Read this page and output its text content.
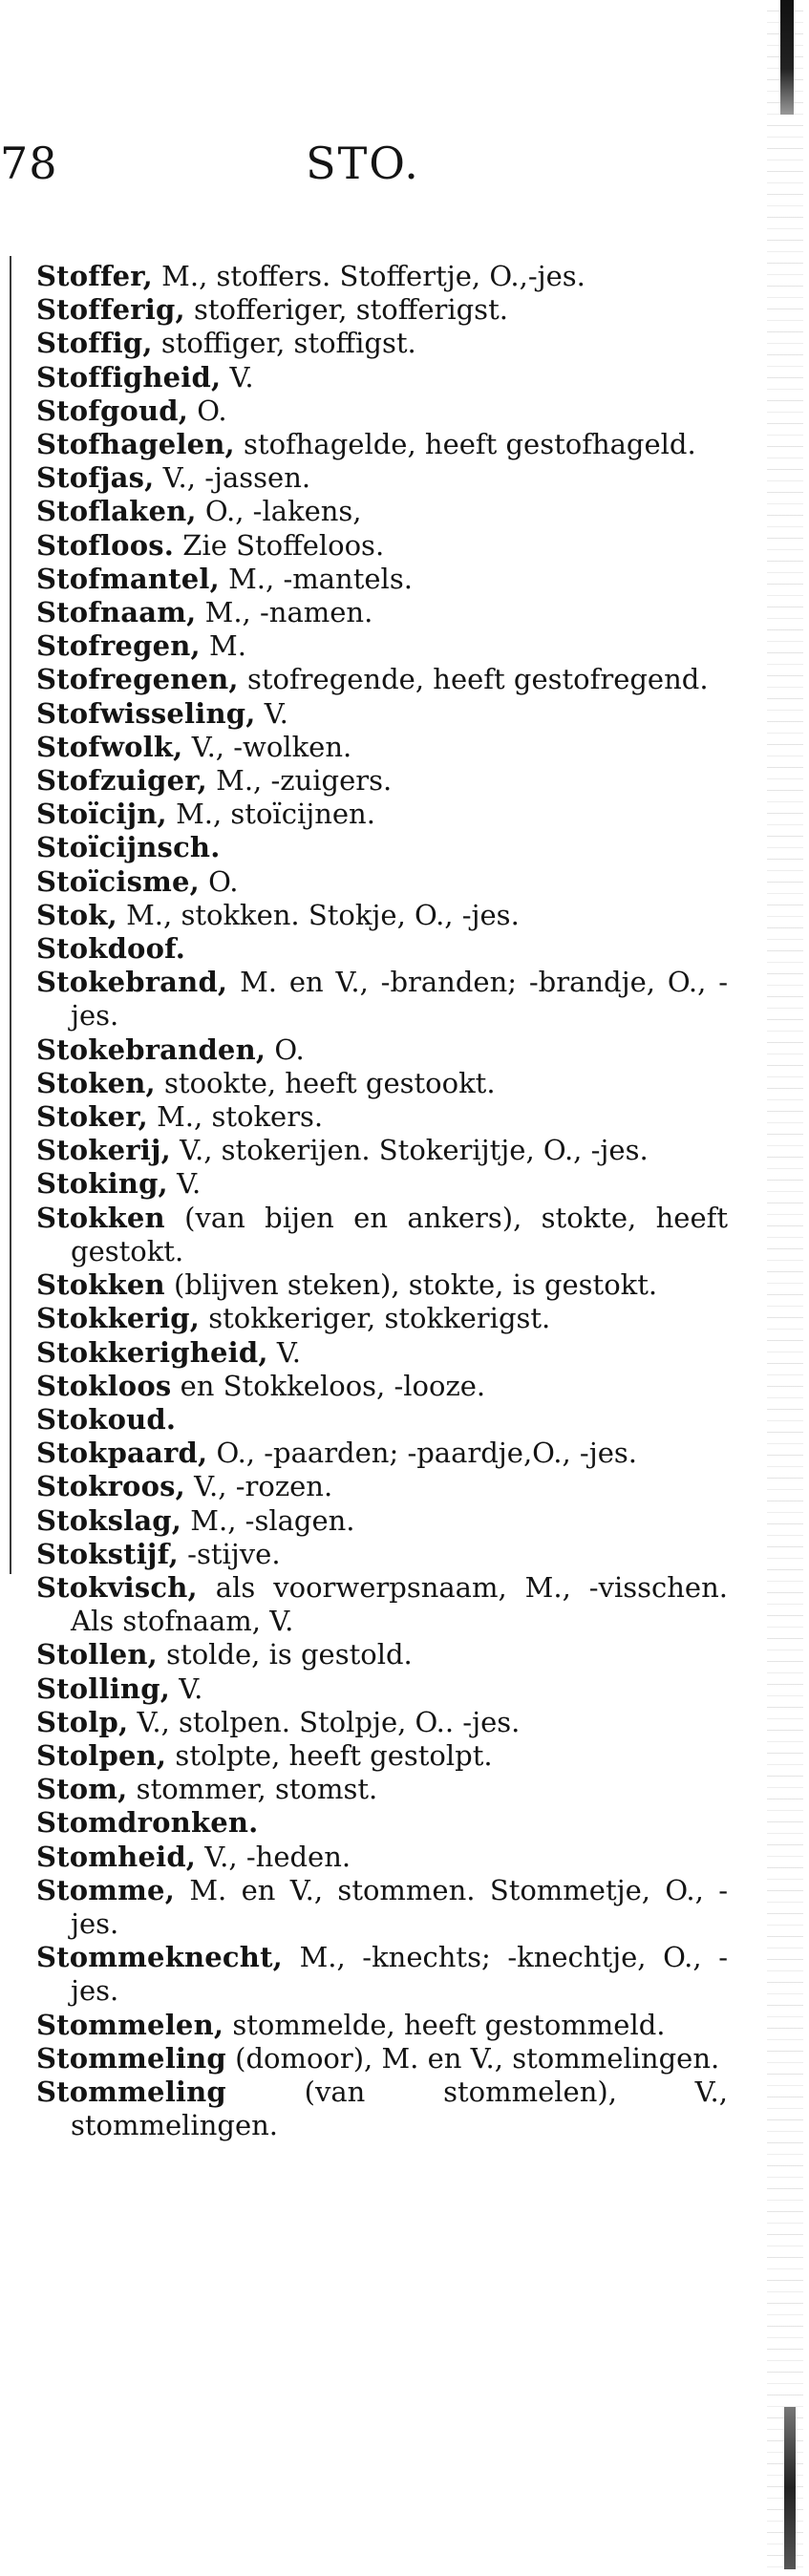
78	STO.

Stoffer, M., stoffers. Stoffertje, O.,-jes.

Stofferig, stofferiger, stofferigst.

Stoffig, stoffiger, stoffigst.

Stoffigheid, V.

Stofgoud, O.

Stofhagelen, stofhagelde, heeft gestofhageld.

Stofjas, V., -jassen.

Stoflaken, O., -lakens,

Stofloos. Zie Stoffeloos.

Stofmantel, M., -mantels.

Stofnaam, M., -namen.

Stofregen, M.

Stofregenen, stofregende, heeft gestofregend.

Stofwisseling, V.

Stofwolk, V., -wolken.

Stofzuiger, M., -zuigers.

Stoïcijn, M., stoïcijnen.

Stoïcijnsch.

Stoïcisme, O.

Stok, M., stokken. Stokje, O., -jes.

Stokdoof.

Stokebrand, M. en V., -branden; -brandje, O., -jes.

Stokebranden, O.

Stoken, stookte, heeft gestookt.

Stoker, M., stokers.

Stokerij, V., stokerijen. Stokerijtje, O., -jes.

Stoking, V.

Stokken (van bijen en ankers), stokte, heeft gestokt.

Stokken (blijven steken), stokte, is gestokt.

Stokkerig, stokkeriger, stokkerigst.

Stokkerigheid, V.

Stokloos en Stokkeloos, -looze.

Stokoud.

Stokpaard, O., -paarden; -paardje,O., -jes.

Stokroos, V., -rozen.

Stokslag, M., -slagen.

Stokstijf, -stijve.

Stokvisch, als voorwerpsnaam, M., -visschen. Als stofnaam, V.

Stollen, stolde, is gestold.

Stolling, V.

Stolp, V., stolpen. Stolpje, O.. -jes.

Stolpen, stolpte, heeft gestolpt.

Stom, stommer, stomst.

Stomdronken.

Stomheid, V., -heden.

Stomme, M. en V., stommen. Stommetje, O., -jes.

Stommeknecht, M., -knechts; -knechtje, O., -jes.

Stommelen, stommelde, heeft gestommeld.

Stommeling (domoor), M. en V., stommelingen.

Stommeling (van stommelen), V., stommelingen.
